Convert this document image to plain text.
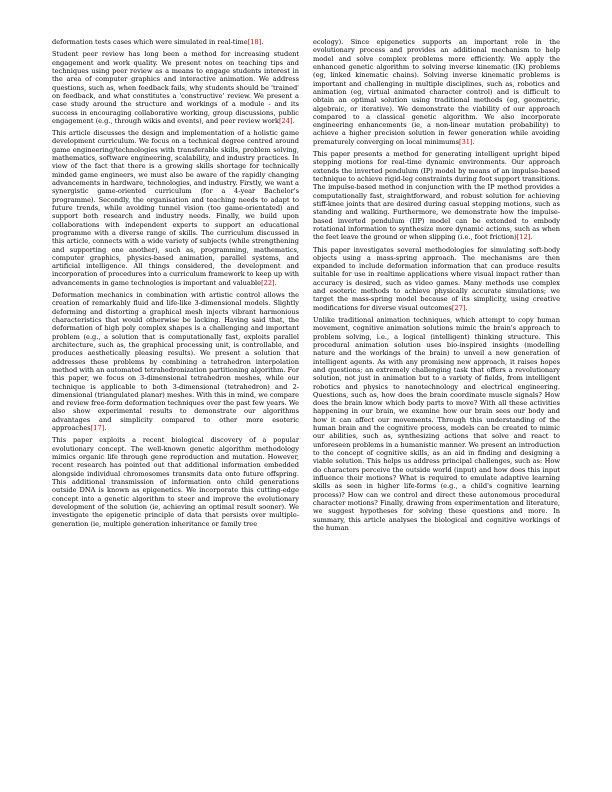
deformation tests cases which were simulated in real-time[18].

Student peer review has long been a method for increasing student engagement and work quality. We present notes on teaching tips and techniques using peer review as a means to engage students interest in the area of computer graphics and interactive animation. We address questions, such as, when feedback fails, why students should be 'trained' on feedback, and what constitutes a 'constructive' review. We present a case study around the structure and workings of a module - and its success in encouraging collaborative working, group discussions, public engagement (e.g., through wikis and events), and peer review work[24].

This article discusses the design and implementation of a holistic game development curriculum. We focus on a technical degree centred around game engineering/technologies with transferable skills, problem solving, mathematics, software engineering, scalability, and industry practices. In view of the fact that there is a growing skills shortage for technically minded game engineers, we must also be aware of the rapidly changing advancements in hardware, technologies, and industry. Firstly, we want a synergistic game-oriented curriculum (for a 4-year Bachelor's programme). Secondly, the organisation and teaching needs to adapt to future trends, while avoiding tunnel vision (too game-orientated) and support both research and industry needs. Finally, we build upon collaborations with independent experts to support an educational programme with a diverse range of skills. The curriculum discussed in this article, connects with a wide variety of subjects (while strengthening and supporting one another), such as, programming, mathematics, computer graphics, physics-based animation, parallel systems, and artificial intelligence. All things considered, the development and incorporation of procedures into a curriculum framework to keep up with advancements in game technologies is important and valuable[22].

Deformation mechanics in combination with artistic control allows the creation of remarkably fluid and life-like 3-dimensional models. Slightly deforming and distorting a graphical mesh injects vibrant harmonious characteristics that would otherwise be lacking. Having said that, the deformation of high poly complex shapes is a challenging and important problem (e.g., a solution that is computationally fast, exploits parallel architecture, such as, the graphical processing unit, is controllable, and produces aesthetically pleasing results). We present a solution that addresses these problems by combining a tetrahedron interpolation method with an automated tetrahedronization partitioning algorithm. For this paper, we focus on 3-dimensional tetrahedron meshes, while our technique is applicable to both 3-dimensional (tetrahedron) and 2-dimensional (triangulated planar) meshes. With this in mind, we compare and review free-form deformation techniques over the past few years. We also show experimental results to demonstrate our algorithms advantages and simplicity compared to other more esoteric approaches[17].

This paper exploits a recent biological discovery of a popular evolutionary concept. The well-known genetic algorithm methodology mimics organic life through gene reproduction and mutation. However, recent research has pointed out that additional information embedded alongside individual chromosomes transmits data onto future offspring. This additional transmission of information onto child generations outside DNA is known as epigenetics. We incorporate this cutting-edge concept into a genetic algorithm to steer and improve the evolutionary development of the solution (ie, achieving an optimal result sooner). We investigate the epigenetic principle of data that persists over multiple-generation (ie, multiple generation inheritance or family tree

ecology). Since epigenetics supports an important role in the evolutionary process and provides an additional mechanism to help model and solve complex problems more efficiently. We apply the enhanced genetic algorithm to solving inverse kinematic (IK) problems (eg, linked kinematic chains). Solving inverse kinematic problems is important and challenging in multiple disciplines, such as, robotics and animation (eg, virtual animated character control) and is difficult to obtain an optimal solution using traditional methods (eg, geometric, algebraic, or iterative). We demonstrate the viability of our approach compared to a classical genetic algorithm. We also incorporate engineering enhancements (ie, a non-linear mutation probability) to achieve a higher precision solution in fewer generation while avoiding prematurely converging on local minimums[31].

This paper presents a method for generating intelligent upright biped stepping motions for real-time dynamic environments. Our approach extends the inverted pendulum (IP) model by means of an impulse-based technique to achieve rigid-leg constraints during foot support transitions. The impulse-based method in conjunction with the IP method provides a computationally fast, straightforward, and robust solution for achieving stiff-knee joints that are desired during casual stepping motions, such as standing and walking. Furthermore, we demonstrate how the impulse-based inverted pendulum (IIP) model can be extended to embody rotational information to synthesize more dynamic actions, such as when the feet leave the ground or when slipping (i.e., foot friction)[12].

This paper investigates several methodologies for simulating soft-body objects using a mass-spring approach. The mechanisms are then expanded to include deformation information that can produce results suitable for use in realtime applications where visual impact rather than accuracy is desired, such as video games. Many methods use complex and esoteric methods to achieve physically accurate simulations; we target the mass-spring model because of its simplicity, using creative modifications for diverse visual outcomes[27].

Unlike traditional animation techniques, which attempt to copy human movement, cognitive animation solutions mimic the brain's approach to problem solving, i.e., a logical (intelligent) thinking structure. This procedural animation solution uses bio-inspired insights (modelling nature and the workings of the brain) to unveil a new generation of intelligent agents. As with any promising new approach, it raises hopes and questions; an extremely challenging task that offers a revolutionary solution, not just in animation but to a variety of fields, from intelligent robotics and physics to nanotechnology and electrical engineering. Questions, such as, how does the brain coordinate muscle signals? How does the brain know which body parts to move? With all these activities happening in our brain, we examine how our brain sees our body and how it can affect our movements. Through this understanding of the human brain and the cognitive process, models can be created to mimic our abilities, such as, synthesizing actions that solve and react to unforeseen problems in a humanistic manner. We present an introduction to the concept of cognitive skills, as an aid in finding and designing a viable solution. This helps us address principal challenges, such as: How do characters perceive the outside world (input) and how does this input influence their motions? What is required to emulate adaptive learning skills as seen in higher life-forms (e.g., a child's cognitive learning process)? How can we control and direct these autonomous procedural character motions? Finally, drawing from experimentation and literature, we suggest hypotheses for solving these questions and more. In summary, this article analyses the biological and cognitive workings of the human
